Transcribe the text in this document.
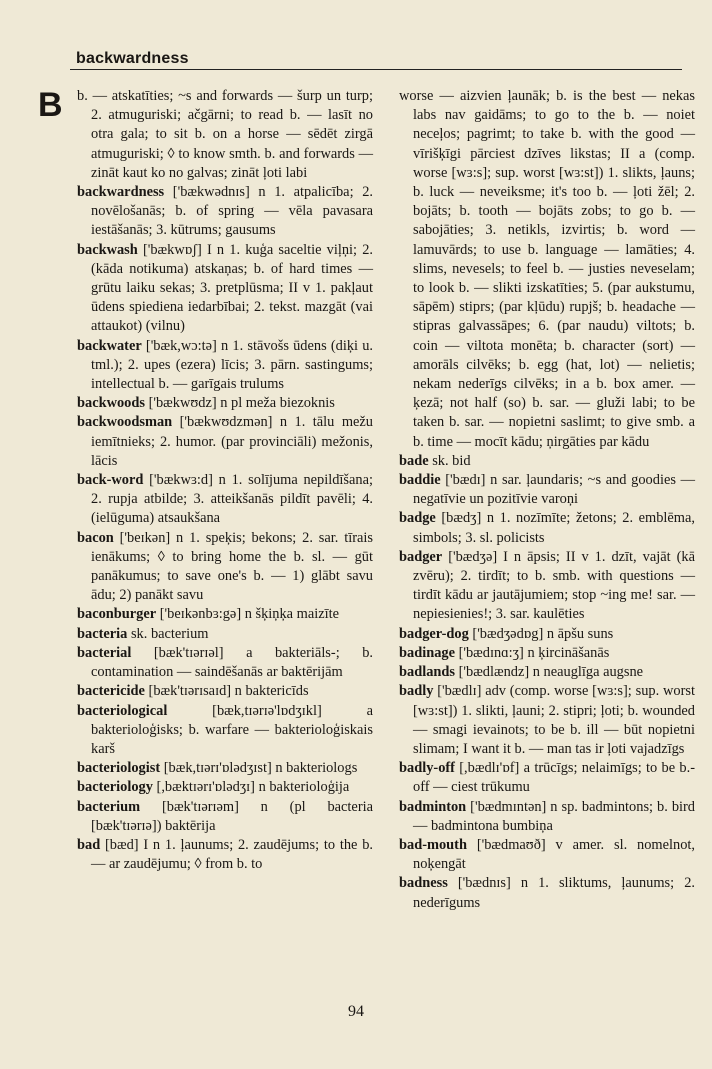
backwardness
B b. — atskatīties; ~s and forwards — šurp un turp; 2. atmuguriski; ačgārni; to read b. — lasīt no otra gala; to sit b. on a horse — sēdēt zirgā atmuguriski; ◊ to know smth. b. and forwards — zināt kaut ko no galvas; zināt ļoti labi

backwardness ['bækwədnɪs] n 1. atpalicība; 2. novēlošanās; b. of spring — vēla pavasara iestāšanās; 3. kūtrums; gausums

backwash ['bækwɒʃ] I n 1. kuģa saceltie viļņi; 2. (kāda notikuma) atskaņas; b. of hard times — grūtu laiku sekas; 3. pretplūsma; II v 1. pakļaut ūdens spiedienа iedarbībai; 2. tekst. mazgāt (vai attaukot) (vilnu)

backwater ['bæk,wɔ:tə] n 1. stāvošs ūdens (diķi u. tml.); 2. upes (ezera) līcis; 3. pārn. sastingums; intellectual b. — garīgais trulums

backwoods ['bækwʊdz] n pl meža biezoknis

backwoodsman ['bækwʊdzmən] n 1. tālu mežu iemītnieks; 2. humor. (par provinciāli) mežonis, lācis

back-word ['bækwɜ:d] n 1. solījuma nepildīšana; 2. rupja atbilde; 3. atteikšanās pildīt pavēli; 4. (ielūguma) atsaukšana

bacon ['beɪkən] n 1. speķis; bekons; 2. sar. tīrais ienākums; ◊ to bring home the b. sl. — gūt panākumus; to save one's b. — 1) glābt savu ādu; 2) panākt savu

baconburger ['beɪkənbɜ:gə] n šķiņķa maizīte

bacteria sk. bacterium

bacterial [bæk'tɪərɪəl] a bakteriāls-; b. contamination — saindēšanās ar baktērijām

bactericide [bæk'tɪərɪsaɪd] n baktericīds

bacteriological [bæk,tɪərɪə'lɒdʒɪkl] a bakterioloģisks; b. warfare — bakterioloģiskais karš

bacteriologist [bæk,tɪərɪ'ɒlədʒɪst] n bakteriologs

bacteriology [,bæktɪərɪ'ɒlədʒɪ] n bakterioloģija

bacterium [bæk'tɪərɪəm] n (pl bacteria [bæk'tɪərɪə]) baktērija

bad [bæd] I n 1. ļaunums; 2. zaudējums; to the b. — ar zaudējumu; ◊ from b. to

worse — aizvien ļaunāk; b. is the best — nekas labs nav gaidāms; to go to the b. — noiet neceļos; pagrimt; to take b. with the good — vīrišķīgi pārciest dzīves likstas; II a (comp. worse [wɜ:s]; sup. worst [wɜ:st]) 1. slikts, ļauns; b. luck — neveiksme; it's too b. — ļoti žēl; 2. bojāts; b. tooth — bojāts zobs; to go b. — sabojāties; 3. netikls, izvirtis; b. word — lamuvārds; to use b. language — lamāties; 4. slims, nevesels; to feel b. — justies neveselam; to look b. — slikti izskatīties; 5. (par aukstumu, sāpēm) stiprs; (par kļūdu) rupjš; b. headache — stipras galvassāpes; 6. (par naudu) viltots; b. coin — viltota monēta; b. character (sort) — amorāls cilvēks; b. egg (hat, lot) — nelietis; nekam nederīgs cilvēks; in a b. box amer. — ķezā; not half (so) b. sar. — gluži labi; to be taken b. sar. — nopietni saslimt; to give smb. a b. time — mocīt kādu; ņirgāties par kādu

bade sk. bid

baddie ['bædɪ] n sar. ļaundaris; ~s and goodies — negatīvie un pozitīvie varoņi

badge [bædʒ] n 1. nozīmīte; žetons; 2. emblēma, simbols; 3. sl. policists

badger ['bædʒə] I n āpsis; II v 1. dzīt, vajāt (kā zvēru); 2. tirdīt; to b. smb. with questions — tirdīt kādu ar jautājumiem; stop ~ing me! sar. — nepiesienies!; 3. sar. kaulēties

badger-dog ['bædʒədɒg] n āpšu suns

badinage ['bædɪnɑ:ʒ] n ķircināšanās

badlands ['bædlændz] n neauglīga augsne

badly ['bædlɪ] adv (comp. worse [wɜ:s]; sup. worst [wɜ:st]) 1. slikti, ļauni; 2. stipri; ļoti; b. wounded — smagi ievainots; to be b. ill — būt nopietni slimam; I want it b. — man tas ir ļoti vajadzīgs

badly-off [,bædlɪ'ɒf] a trūcīgs; nelaimīgs; to be b.-off — ciest trūkumu

badminton ['bædmɪntən] n sp. badmintons; b. bird — badmintona bumbiņa

bad-mouth ['bædmaʊð] v amer. sl. nomelnot, noķengāt

badness ['bædnɪs] n 1. sliktums, ļaunums; 2. nederīgums

94
